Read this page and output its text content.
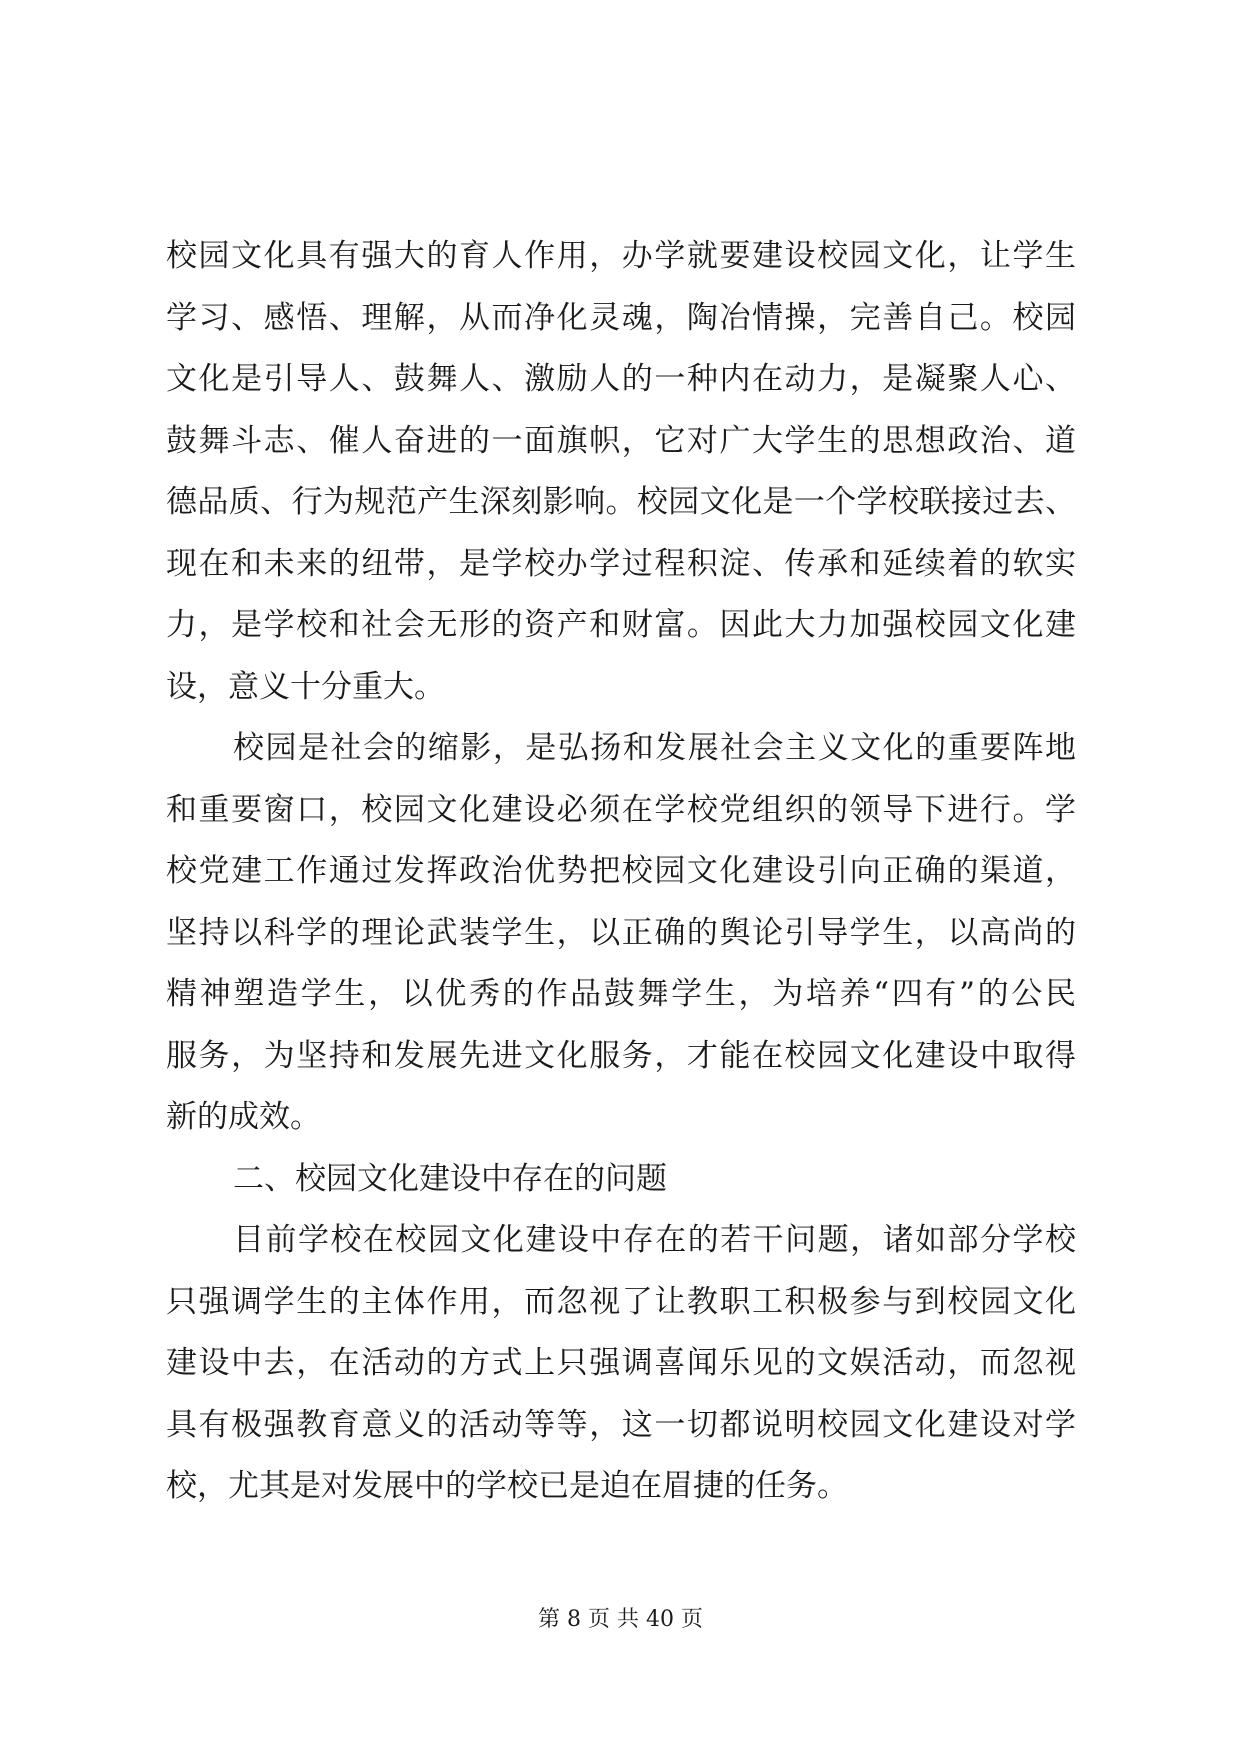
校园文化具有强大的育人作用，办学就要建设校园文化，让学生
学习、感悟、理解，从而净化灵魂，陶冶情操，完善自己。校园
文化是引导人、鼓舞人、激励人的一种内在动力，是凝聚人心、
鼓舞斗志、催人奋进的一面旗帜，它对广大学生的思想政治、道
德品质、行为规范产生深刻影响。校园文化是一个学校联接过去、
现在和未来的纽带，是学校办学过程积淀、传承和延续着的软实
力，是学校和社会无形的资产和财富。因此大力加强校园文化建
设，意义十分重大。
校园是社会的缩影，是弘扬和发展社会主义文化的重要阵地
和重要窗口，校园文化建设必须在学校党组织的领导下进行。学
校党建工作通过发挥政治优势把校园文化建设引向正确的渠道，
坚持以科学的理论武装学生，以正确的舆论引导学生，以高尚的
精神塑造学生，以优秀的作品鼓舞学生，为培养“四有”的公民
服务，为坚持和发展先进文化服务，才能在校园文化建设中取得
新的成效。
二、校园文化建设中存在的问题
目前学校在校园文化建设中存在的若干问题，诸如部分学校
只强调学生的主体作用，而忽视了让教职工积极参与到校园文化
建设中去，在活动的方式上只强调喜闻乐见的文娱活动，而忽视
具有极强教育意义的活动等等，这一切都说明校园文化建设对学
校，尤其是对发展中的学校已是迫在眉捷的任务。
第 8 页 共 40 页
